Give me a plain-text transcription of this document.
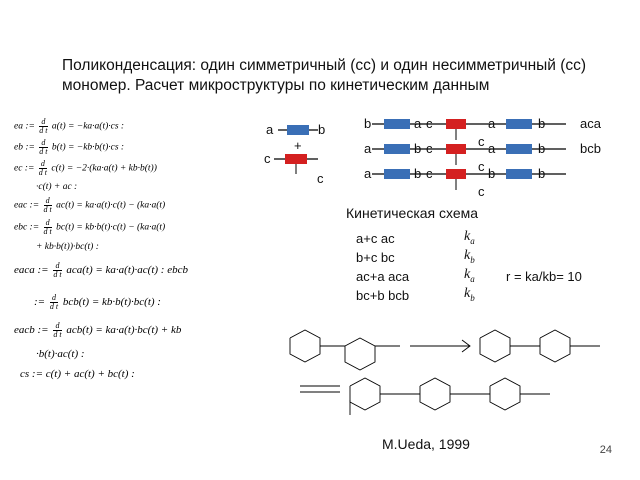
Поликонденсация: один симметричный (сс) и один несимметричный (сс) мономер. Расчет микроструктуры по кинетическим данным
ea := $\frac{d}{\text{d t}} a(t) = -ka\cdot a(t)\cdot cs$ :
eb := $\frac{d}{\text{d t}} b(t) = -kb\cdot b(t)\cdot cs$ :
ec := $\frac{d}{\text{d t}} c(t) = -2\cdot(ka\cdot a(t) + kb\cdot b(t))$
·c(t) + ac :
eac := $\frac{d}{\text{d t}} ac(t) = ka\cdot a(t)\cdot c(t) - (ka\cdot a(t)$
ebc := $\frac{d}{\text{d t}} bc(t) = kb\cdot b(t)\cdot c(t) - (ka\cdot a(t)$
+ kb·b(t))·bc(t) :
eaca := $\frac{d}{\text{d t}} aca(t) = ka\cdot a(t)\cdot ac(t)$ : ebcb
:= $\frac{d}{\text{d t}} bcb(t) = kb\cdot b(t)\cdot bc(t)$ :
eacb := $\frac{d}{\text{d t}} acb(t) = ka\cdot a(t)\cdot bc(t)$ + kb
·b(t)·ac(t) :
cs := c(t) + ac(t) + bc(t) :
a	b
+
c
c
b	a c	a	b	aca
c
a	b c	a	b	bcb
c
a	b c	b	b
c
Кинетическая схема
a+c ac	$k_a$
b+c bc	$k_b$
ac+a aca	$k_a$
bc+b bcb	$k_b$
r = ka/kb= 10
M.Ueda, 1999	24
